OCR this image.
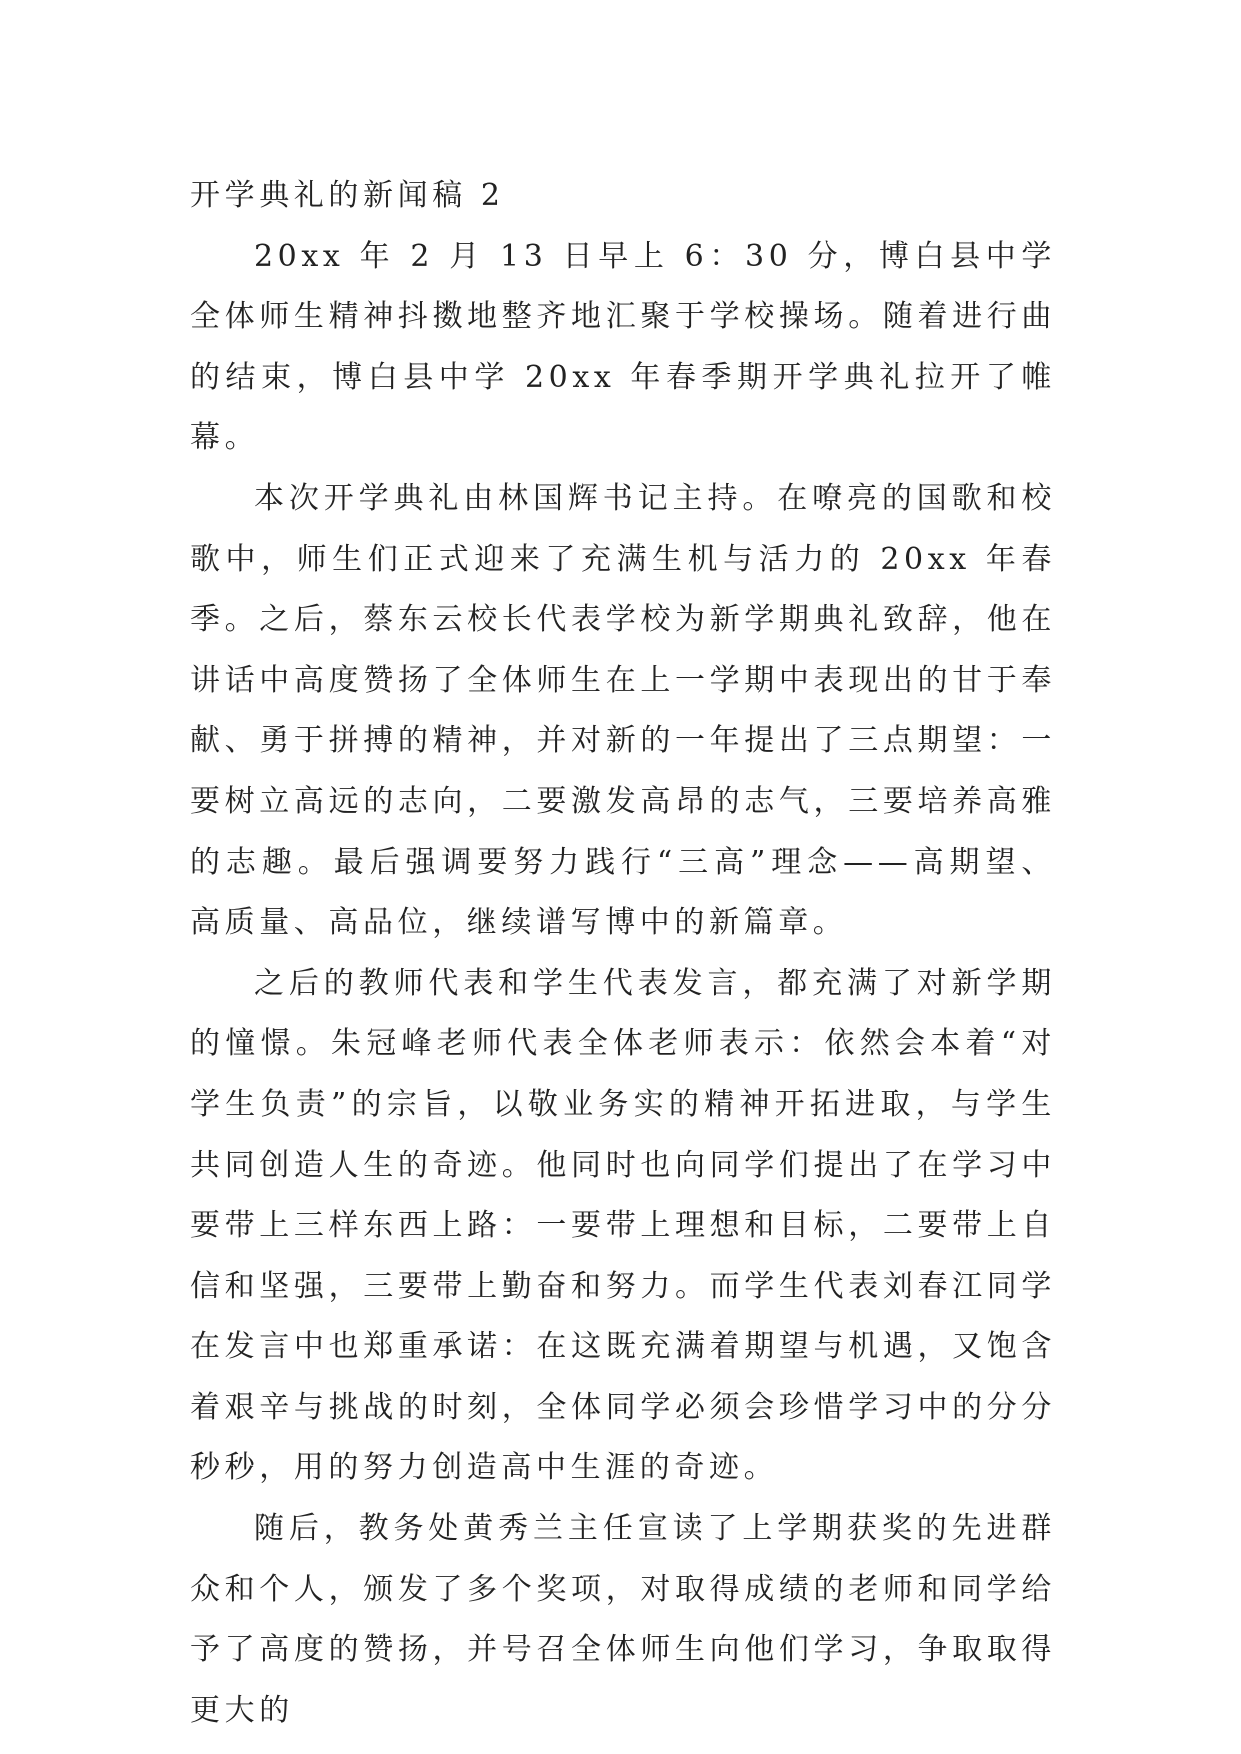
开学典礼的新闻稿 2

20xx 年 2 月 13 日早上 6：30 分，博白县中学全体师生精神抖擞地整齐地汇聚于学校操场。随着进行曲的结束，博白县中学 20xx 年春季期开学典礼拉开了帷幕。

本次开学典礼由林国辉书记主持。在嘹亮的国歌和校歌中，师生们正式迎来了充满生机与活力的 20xx 年春季。之后，蔡东云校长代表学校为新学期典礼致辞，他在讲话中高度赞扬了全体师生在上一学期中表现出的甘于奉献、勇于拼搏的精神，并对新的一年提出了三点期望：一要树立高远的志向，二要激发高昂的志气，三要培养高雅的志趣。最后强调要努力践行“三高”理念——高期望、高质量、高品位，继续谱写博中的新篇章。

之后的教师代表和学生代表发言，都充满了对新学期的憧憬。朱冠峰老师代表全体老师表示：依然会本着“对学生负责”的宗旨，以敬业务实的精神开拓进取，与学生共同创造人生的奇迹。他同时也向同学们提出了在学习中要带上三样东西上路：一要带上理想和目标，二要带上自信和坚强，三要带上勤奋和努力。而学生代表刘春江同学在发言中也郑重承诺：在这既充满着期望与机遇，又饱含着艰辛与挑战的时刻，全体同学必须会珍惜学习中的分分秒秒，用的努力创造高中生涯的奇迹。

随后，教务处黄秀兰主任宣读了上学期获奖的先进群众和个人，颁发了多个奖项，对取得成绩的老师和同学给予了高度的赞扬，并号召全体师生向他们学习，争取取得更大的
